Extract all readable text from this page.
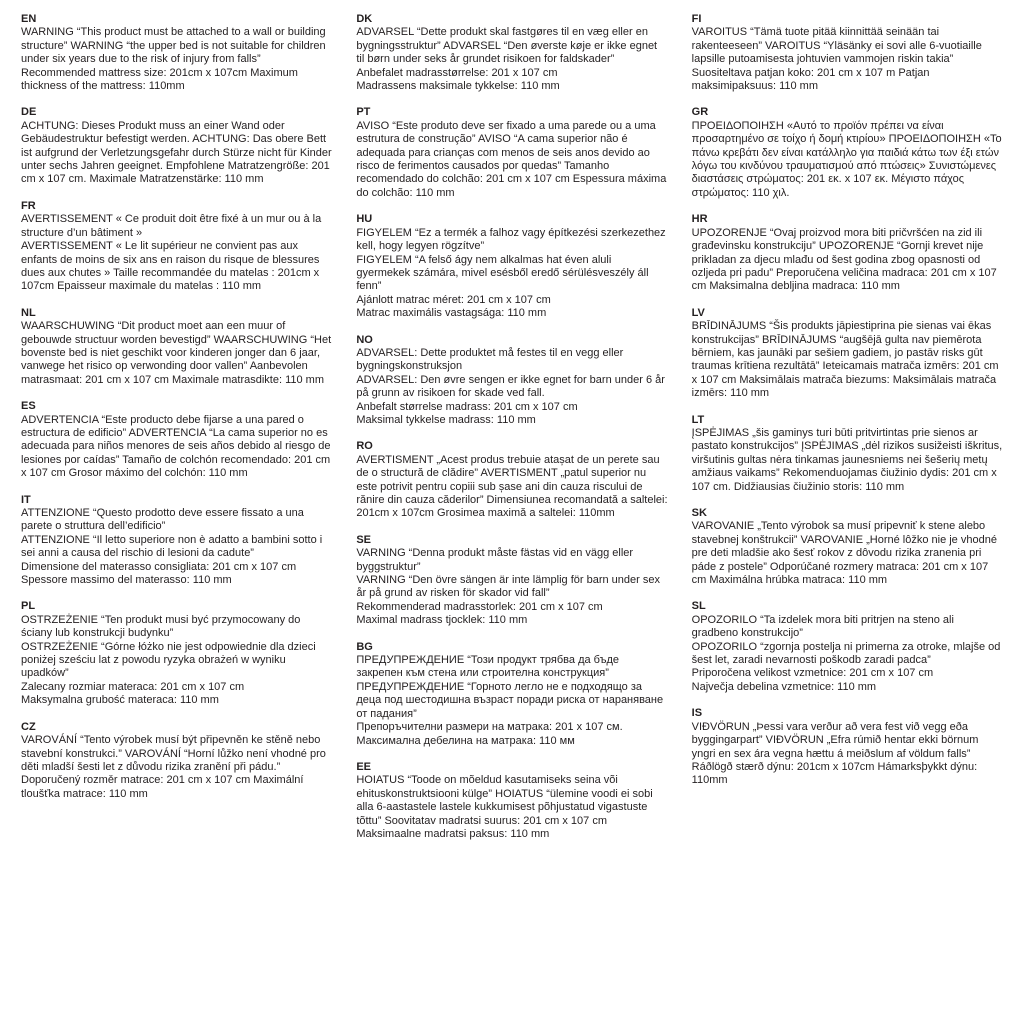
EN

WARNING “This product must be attached to a wall or building structure” WARNING “the upper bed is not suitable for children under six years due to the risk of injury from falls” Recommended mattress size: 201cm x 107cm Maximum thickness of the mattress: 110mm

DE

ACHTUNG: Dieses Produkt muss an einer Wand oder Gebäudestruktur befestigt werden. ACHTUNG: Das obere Bett ist aufgrund der Verletzungsgefahr durch Stürze nicht für Kinder unter sechs Jahren geeignet. Empfohlene Matratzengröße: 201 cm x 107 cm. Maximale Matratzenstärke: 110 mm

FR

AVERTISSEMENT « Ce produit doit être fixé à un mur ou à la structure d’un bâtiment »

AVERTISSEMENT « Le lit supérieur ne convient pas aux enfants de moins de six ans en raison du risque de blessures dues aux chutes » Taille recommandée du matelas : 201cm x 107cm Epaisseur maximale du matelas : 110 mm

NL

WAARSCHUWING “Dit product moet aan een muur of gebouwde structuur worden bevestigd” WAARSCHUWING “Het bovenste bed is niet geschikt voor kinderen jonger dan 6 jaar, vanwege het risico op verwonding door vallen” Aanbevolen matrasmaat: 201 cm x 107 cm Maximale matrasdikte: 110 mm

ES

ADVERTENCIA “Este producto debe fijarse a una pared o estructura de edificio” ADVERTENCIA “La cama superior no es adecuada para niños menores de seis años debido al riesgo de lesiones por caídas” Tamaño de colchón recomendado: 201 cm x 107 cm Grosor máximo del colchón: 110 mm

IT

ATTENZIONE “Questo prodotto deve essere fissato a una parete o struttura dell’edificio”

ATTENZIONE “Il letto superiore non è adatto a bambini sotto i sei anni a causa del rischio di lesioni da cadute”

Dimensione del materasso consigliata: 201 cm x 107 cm

Spessore massimo del materasso: 110 mm

PL

OSTRZEŻENIE “Ten produkt musi być przymocowany do ściany lub konstrukcji budynku”

OSTRZEŻENIE “Górne łóżko nie jest odpowiednie dla dzieci poniżej sześciu lat z powodu ryzyka obrażeń w wyniku upadków”

Zalecany rozmiar materaca: 201 cm x 107 cm

Maksymalna grubość materaca: 110 mm

CZ

VAROVÁNÍ “Tento výrobek musí být připevněn ke stěně nebo stavební konstrukci.” VAROVÁNÍ “Horní lůžko není vhodné pro děti mladší šesti let z důvodu rizika zranění při pádu.” Doporučený rozměr matrace: 201 cm x 107 cm Maximální tloušťka matrace: 110 mm

DK

ADVARSEL “Dette produkt skal fastgøres til en væg eller en bygningsstruktur” ADVARSEL “Den øverste køje er ikke egnet til børn under seks år grundet risikoen for faldskader”

Anbefalet madrasstørrelse: 201 x 107 cm

Madrassens maksimale tykkelse: 110 mm

PT

AVISO “Este produto deve ser fixado a uma parede ou a uma estrutura de construção” AVISO “A cama superior não é adequada para crianças com menos de seis anos devido ao risco de ferimentos causados por quedas” Tamanho recomendado do colchão: 201 cm x 107 cm Espessura máxima do colchão: 110 mm

HU

FIGYELEM “Ez a termék a falhoz vagy építkezési szerkezethez kell, hogy legyen rögzítve”

FIGYELEM “A felső ágy nem alkalmas hat éven aluli gyermekek számára, mivel esésből eredő sérülésveszély áll fenn”

Ajánlott matrac méret: 201 cm x 107 cm

Matrac maximális vastagsága: 110 mm

NO

ADVARSEL: Dette produktet må festes til en vegg eller bygningskonstruksjon

ADVARSEL: Den øvre sengen er ikke egnet for barn under 6 år på grunn av risikoen for skade ved fall.

Anbefalt størrelse madrass: 201 cm x 107 cm

Maksimal tykkelse madrass: 110 mm

RO

AVERTISMENT „Acest produs trebuie atașat de un perete sau de o structură de clădire” AVERTISMENT „patul superior nu este potrivit pentru copiii sub șase ani din cauza riscului de rănire din cauza căderilor” Dimensiunea recomandată a saltelei: 201cm x 107cm Grosimea maximă a saltelei: 110mm

SE

VARNING “Denna produkt måste fästas vid en vägg eller byggstruktur”

VARNING “Den övre sängen är inte lämplig för barn under sex år på grund av risken för skador vid fall”

Rekommenderad madrasstorlek: 201 cm x 107 cm

Maximal madrass tjocklek: 110 mm

BG

ПРЕДУПРЕЖДЕНИЕ “Този продукт трябва да бъде закрепен към стена или строителна конструкция” ПРЕДУПРЕЖДЕНИЕ “Горното легло не е подходящо за деца под шестодишна възраст поради риска от нараняване от падания”

Препоръчителни размери на матрака: 201 x 107 см.

Максимална дебелина на матрака: 110 мм

EE

HOIATUS “Toode on mõeldud kasutamiseks seina või ehituskonstruktsiooni külge” HOIATUS “ülemine voodi ei sobi alla 6-aastastele lastele kukkumisest põhjustatud vigastuste tõttu” Soovitatav madratsi suurus: 201 cm x 107 cm Maksimaalne madratsi paksus: 110 mm

FI

VAROITUS “Tämä tuote pitää kiinnittää seinään tai rakenteeseen” VAROITUS “Yläsänky ei sovi alle 6-vuotiaille lapsille putoamisesta johtuvien vammojen riskin takia” Suositeltava patjan koko: 201 cm x 107 m Patjan maksimipaksuus: 110 mm

GR

ΠΡΟΕΙΔΟΠΟΙΗΣΗ «Αυτό το προϊόν πρέπει να είναι προσαρτημένο σε τοίχο ή δομή κτιρίου» ΠΡΟΕΙΔΟΠΟΙΗΣΗ «Το πάνω κρεβάτι δεν είναι κατάλληλο για παιδιά κάτω των έξι ετών λόγω του κινδύνου τραυματισμού από πτώσεις» Συνιστώμενες διαστάσεις στρώματος: 201 εκ. x 107 εκ. Μέγιστο πάχος στρώματος: 110 χιλ.

HR

UPOZORENJE “Ovaj proizvod mora biti pričvršćen na zid ili građevinsku konstrukciju” UPOZORENJE “Gornji krevet nije prikladan za djecu mlađu od šest godina zbog opasnosti od ozljeda pri padu” Preporučena veličina madraca: 201 cm x 107 cm Maksimalna debljina madraca: 110 mm

LV

BRĪDINĀJUMS “Šis produkts jāpiestiprina pie sienas vai ēkas konstrukcijas” BRĪDINĀJUMS “augšējā gulta nav piemērota bērniem, kas jaunāki par sešiem gadiem, jo pastāv risks gūt traumas krītiena rezultātā” Ieteicamais matrača izmērs: 201 cm x 107 cm Maksimālais matrača biezums: Maksimālais matrača izmērs: 110 mm

LT

ĮSPĖJIMAS „šis gaminys turi būti pritvirtintas prie sienos ar pastato konstrukcijos” ĮSPĖJIMAS „dėl rizikos susižeisti iškritus, viršutinis gultas nėra tinkamas jaunesniems nei šešerių metų amžiaus vaikams” Rekomenduojamas čiužinio dydis: 201 cm x 107 cm. Didžiausias čiužinio storis: 110 mm

SK

VAROVANIE „Tento výrobok sa musí pripevniť k stene alebo stavebnej konštrukcii” VAROVANIE „Horné lôžko nie je vhodné pre deti mladšie ako šesť rokov z dôvodu rizika zranenia pri páde z postele” Odporúčané rozmery matraca: 201 cm x 107 cm Maximálna hrúbka matraca: 110 mm

SL

OPOZORILO “Ta izdelek mora biti pritrjen na steno ali gradbeno konstrukcijo”

OPOZORILO “zgornja postelja ni primerna za otroke, mlajše od šest let, zaradi nevarnosti poškodb zaradi padca”

Priporočena velikost vzmetnice: 201 cm x 107 cm

Največja debelina vzmetnice: 110 mm

IS

VIÐVÖRUN „Þessi vara verður að vera fest við vegg eða byggingarpart” VIÐVÖRUN „Efra rúmið hentar ekki börnum yngri en sex ára vegna hættu á meiðslum af völdum falls” Ráðlögð stærð dýnu: 201cm x 107cm Hámarksþykkt dýnu: 110mm
